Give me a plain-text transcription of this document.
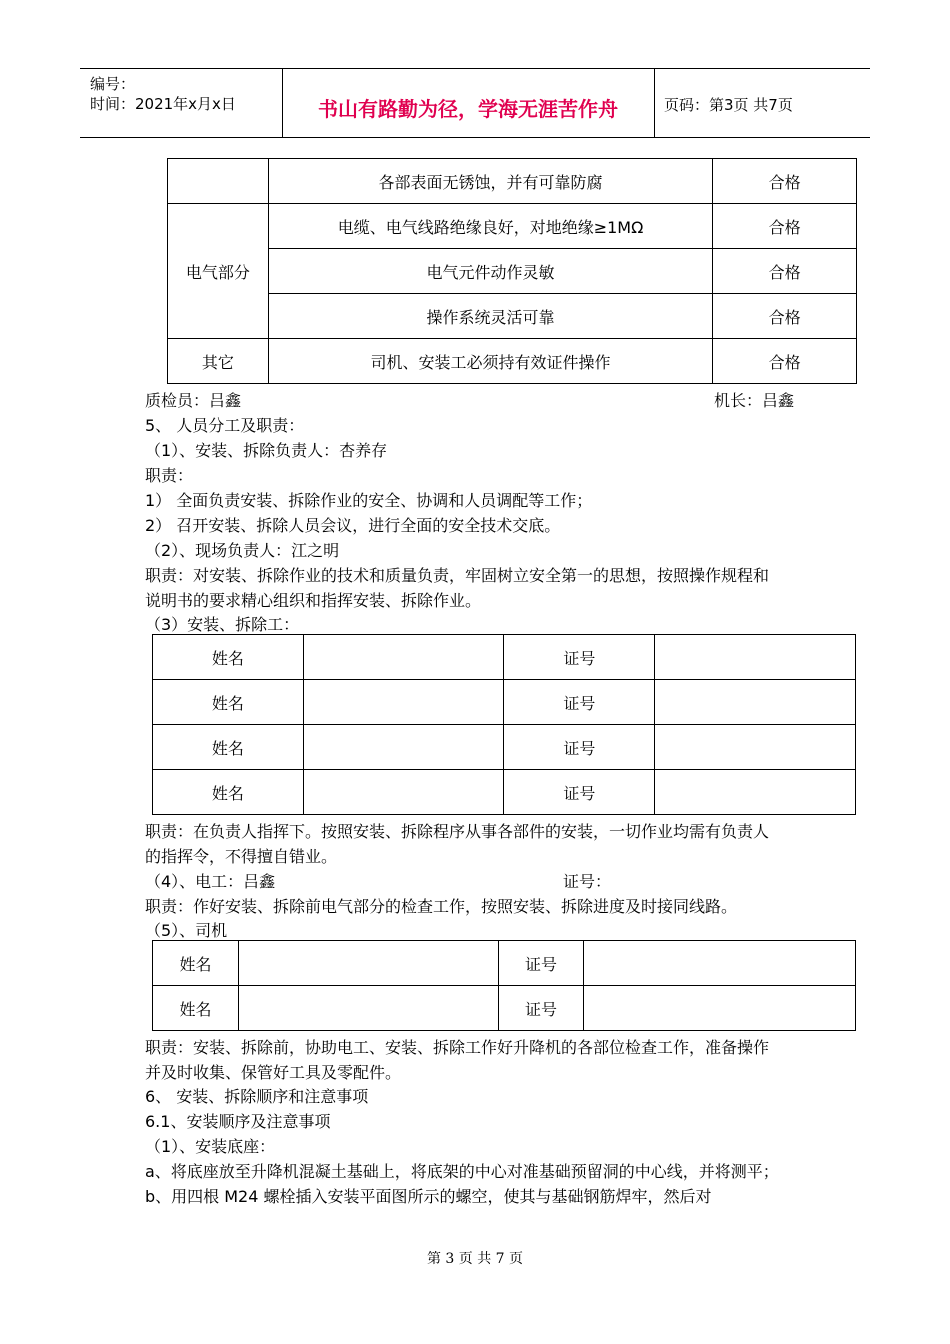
编号：
时间：2021年x月x日	书山有路勤为径，学海无涯苦作舟	页码：第3页 共7页
	各部表面无锈蚀，并有可靠防腐	合格
电气部分	电缆、电气线路绝缘良好，对地绝缘≥1MΩ	合格
	电气元件动作灵敏	合格
	操作系统灵活可靠	合格
其它	司机、安装工必须持有效证件操作	合格
质检员：吕鑫	机长：吕鑫
5、 人员分工及职责：
（1）、安装、拆除负责人：杏养存
职责：
1） 全面负责安装、拆除作业的安全、协调和人员调配等工作；
2） 召开安装、拆除人员会议，进行全面的安全技术交底。
（2）、现场负责人：江之明
职责：对安装、拆除作业的技术和质量负责，牢固树立安全第一的思想，按照操作规程和
说明书的要求精心组织和指挥安装、拆除作业。
（3）安装、拆除工：
姓名		证号	
姓名		证号	
姓名		证号	
姓名		证号	
职责：在负责人指挥下。按照安装、拆除程序从事各部件的安装，一切作业均需有负责人
的指挥令，不得擅自错业。
（4）、电工：吕鑫	证号：
职责：作好安装、拆除前电气部分的检查工作，按照安装、拆除进度及时接同线路。
（5）、司机
姓名		证号	
姓名		证号	
职责：安装、拆除前，协助电工、安装、拆除工作好升降机的各部位检查工作，准备操作
并及时收集、保管好工具及零配件。
6、 安装、拆除顺序和注意事项
6.1、安装顺序及注意事项
（1）、安装底座：
a、将底座放至升降机混凝土基础上，将底架的中心对准基础预留洞的中心线，并将测平；
b、用四根 M24 螺栓插入安装平面图所示的螺空，使其与基础钢筋焊牢，然后对
第 3 页 共 7 页
